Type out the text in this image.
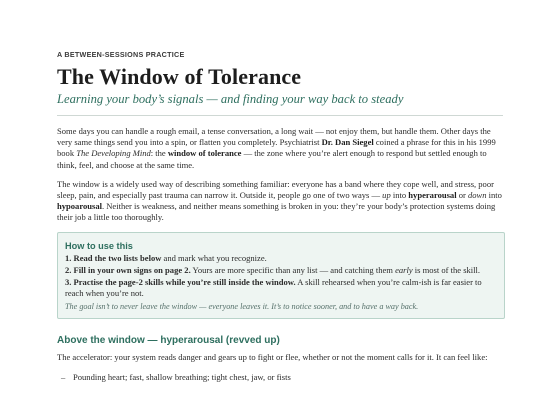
A BETWEEN-SESSIONS PRACTICE
The Window of Tolerance
Learning your body’s signals — and finding your way back to steady

Some days you can handle a rough email, a tense conversation, a long wait — not enjoy them, but handle them. Other days the very same things send you into a spin, or flatten you completely. Psychiatrist Dr. Dan Siegel coined a phrase for this in his 1999 book The Developing Mind: the window of tolerance — the zone where you’re alert enough to respond but settled enough to think, feel, and choose at the same time.

The window is a widely used way of describing something familiar: everyone has a band where they cope well, and stress, poor sleep, pain, and especially past trauma can narrow it. Outside it, people go one of two ways — up into hyperarousal or down into hypoarousal. Neither is weakness, and neither means something is broken in you: they’re your body’s protection systems doing their job a little too thoroughly.

How to use this
1. Read the two lists below and mark what you recognize.
2. Fill in your own signs on page 2. Yours are more specific than any list — and catching them early is most of the skill.
3. Practise the page-2 skills while you’re still inside the window. A skill rehearsed when you’re calm-ish is far easier to reach when you’re not.
The goal isn’t to never leave the window — everyone leaves it. It’s to notice sooner, and to have a way back.
Above the window — hyperarousal (revved up)

The accelerator: your system reads danger and gears up to fight or flee, whether or not the moment calls for it. It can feel like:

– Pounding heart; fast, shallow breathing; tight chest, jaw, or fists
